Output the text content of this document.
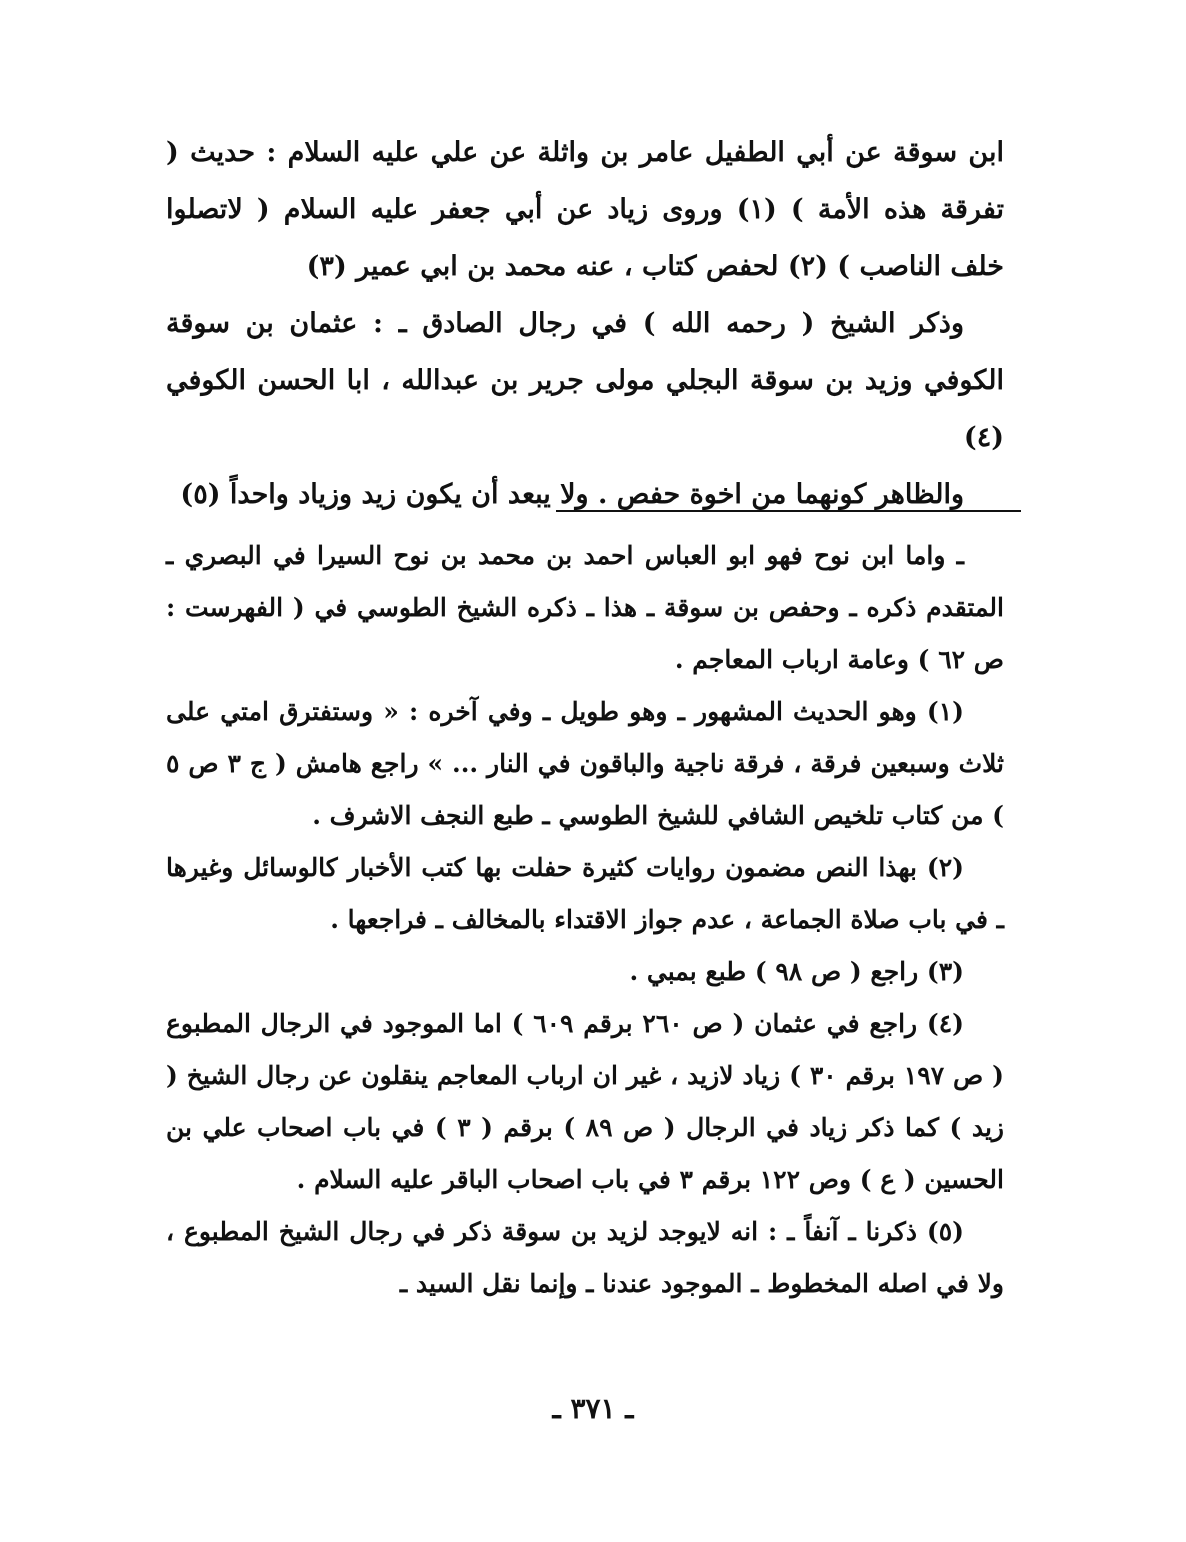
ابن سوقة عن أبي الطفيل عامر بن واثلة عن علي عليه السلام : حديث ( تفرقة هذه الأمة ) (١) وروى زياد عن أبي جعفر عليه السلام ( لاتصلوا خلف الناصب ) (٢) لحفص كتاب ، عنه محمد بن ابي عمير (٣)

وذكر الشيخ ( رحمه الله ) في رجال الصادق ـ : عثمان بن سوقة الكوفي وزيد بن سوقة البجلي مولى جرير بن عبدالله ، ابا الحسن الكوفي (٤)

والظاهر كونهما من اخوة حفص . ولا يبعد أن يكون زيد وزياد واحداً (٥)

ـ واما ابن نوح فهو ابو العباس احمد بن محمد بن نوح السيرا في البصري ـ المتقدم ذكره ـ وحفص بن سوقة ـ هذا ـ ذكره الشيخ الطوسي في ( الفهرست : ص ٦٢ ) وعامة ارباب المعاجم .

(١) وهو الحديث المشهور ـ وهو طويل ـ وفي آخره : « وستفترق امتي على ثلاث وسبعين فرقة ، فرقة ناجية والباقون في النار ... » راجع هامش ( ج ٣ ص ٥ ) من كتاب تلخيص الشافي للشيخ الطوسي ـ طبع النجف الاشرف .

(٢) بهذا النص مضمون روايات كثيرة حفلت بها كتب الأخبار كالوسائل وغيرها ـ في باب صلاة الجماعة ، عدم جواز الاقتداء بالمخالف ـ فراجعها .

(٣) راجع ( ص ٩٨ ) طبع بمبي .

(٤) راجع في عثمان ( ص ٢٦٠ برقم ٦٠٩ ) اما الموجود في الرجال المطبوع ( ص ١٩٧ برقم ٣٠ ) زياد لازيد ، غير ان ارباب المعاجم ينقلون عن رجال الشيخ ( زيد ) كما ذكر زياد في الرجال ( ص ٨٩ ) برقم ( ٣ ) في باب اصحاب علي بن الحسين ( ع ) وص ١٢٢ برقم ٣ في باب اصحاب الباقر عليه السلام .

(٥) ذكرنا ـ آنفاً ـ : انه لايوجد لزيد بن سوقة ذكر في رجال الشيخ المطبوع ، ولا في اصله المخطوط ـ الموجود عندنا ـ وإنما نقل السيد ـ

ـ ٣٧١ ـ
